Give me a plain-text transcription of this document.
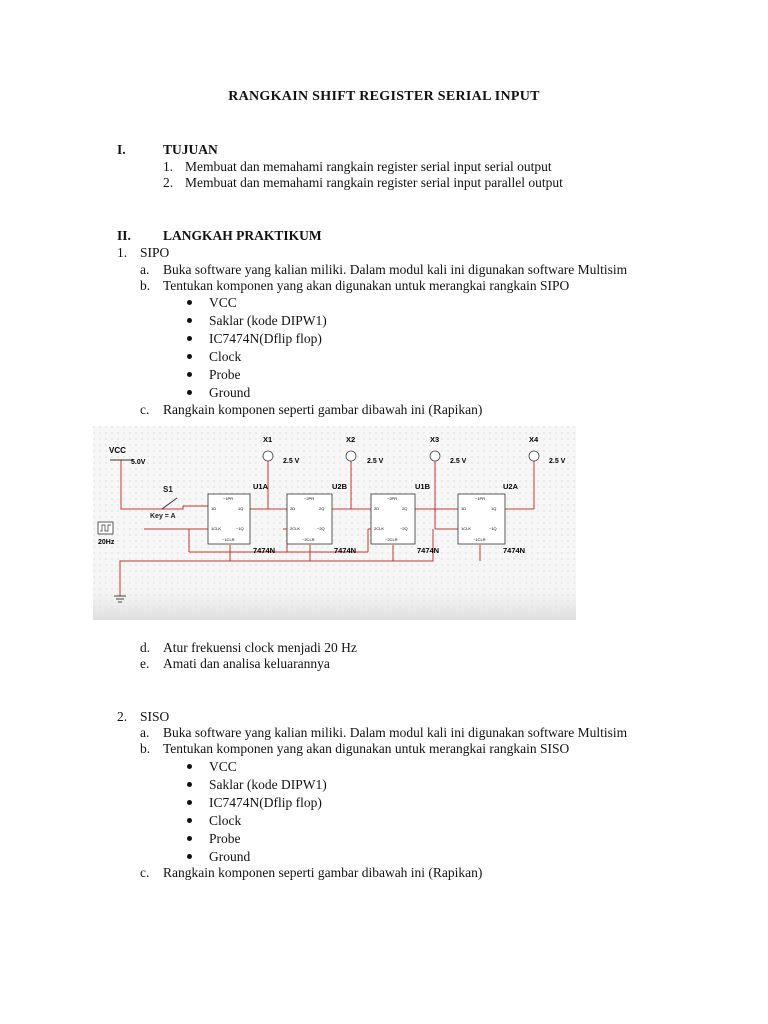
RANGKAIN SHIFT REGISTER SERIAL INPUT
I.	TUJUAN
1. Membuat dan memahami rangkain register serial input serial output
2. Membuat dan memahami rangkain register serial input parallel output
II. LANGKAH PRAKTIKUM
1. SIPO
a. Buka software yang kalian miliki. Dalam modul kali ini digunakan software Multisim
b. Tentukan komponen yang akan digunakan untuk merangkai rangkain SIPO
VCC
Saklar (kode DIPW1)
IC7474N(Dflip flop)
Clock
Probe
Ground
c. Rangkain komponen seperti gambar dibawah ini (Rapikan)
VCC
5.0V
S1
Key = A
20Hz
X1
2.5 V
X2
2.5 V
X3
2.5 V
X4
2.5 V
U1A
7474N
~1PR
1D	1Q
1CLK	~1Q
~1CLR
U2B
7474N
~2PR
2D	2Q
2CLK	~2Q
~2CLR
U1B
7474N
~2PR
2D	2Q
2CLK	~2Q
~2CLR
U2A
7474N
~1PR
1D	1Q
1CLK	~1Q
~1CLR
d. Atur frekuensi clock menjadi 20 Hz
e. Amati dan analisa keluarannya
2. SISO
a. Buka software yang kalian miliki. Dalam modul kali ini digunakan software Multisim
b. Tentukan komponen yang akan digunakan untuk merangkai rangkain SISO
VCC
Saklar (kode DIPW1)
IC7474N(Dflip flop)
Clock
Probe
Ground
c. Rangkain komponen seperti gambar dibawah ini (Rapikan)
